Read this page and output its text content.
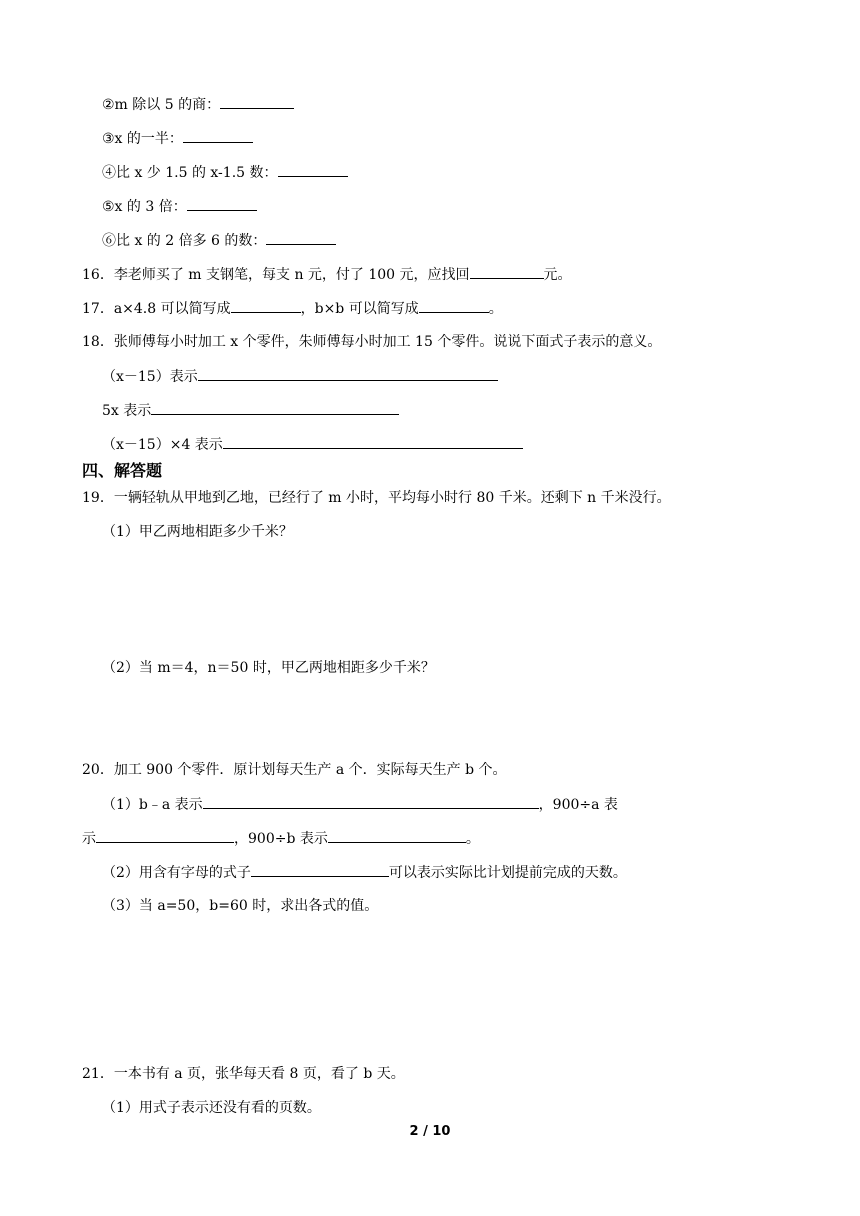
②m 除以 5 的商：
③x 的一半：
④比 x 少 1.5 的 x-1.5 数：
⑤x 的 3 倍：
⑥比 x 的 2 倍多 6 的数：
16．李老师买了 m 支钢笔，每支 n 元，付了 100 元，应找回	元。
17．a×4.8 可以简写成	，b×b 可以简写成	。
18．张师傅每小时加工 x 个零件，朱师傅每小时加工 15 个零件。说说下面式子表示的意义。
（x－15）表示
5x 表示
（x－15）×4 表示
四、解答题
19．一辆轻轨从甲地到乙地，已经行了 m 小时，平均每小时行 80 千米。还剩下 n 千米没行。
（1）甲乙两地相距多少千米？
（2）当 m＝4，n＝50 时，甲乙两地相距多少千米？
20．加工 900 个零件．原计划每天生产 a 个．实际每天生产 b 个。
（1）b﹣a 表示	，900÷a 表
示	，900÷b 表示	。
（2）用含有字母的式子	可以表示实际比计划提前完成的天数。
（3）当 a=50，b=60 时，求出各式的值。
21．一本书有 a 页，张华每天看 8 页，看了 b 天。
（1）用式子表示还没有看的页数。
2 / 10
